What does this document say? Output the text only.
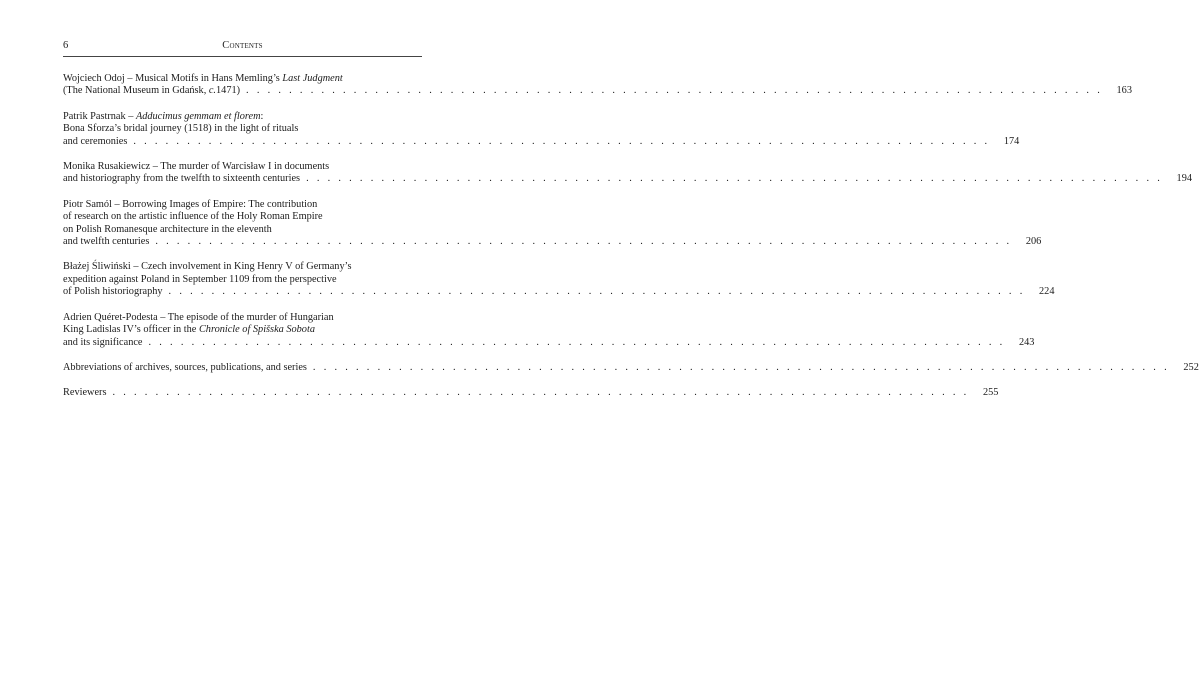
6	Contents
Wojciech Odoj – Musical Motifs in Hans Memling’s Last Judgment
(The National Museum in Gdańsk, c.1471) ................................................................................ 163
Patrik Pastrnak – Adducimus gemmam et florem:
Bona Sforza’s bridal journey (1518) in the light of rituals
and ceremonies ................................................................................ 174
Monika Rusakiewicz – The murder of Warcisław I in documents
and historiography from the twelfth to sixteenth centuries ................................................................................ 194
Piotr Samól – Borrowing Images of Empire: The contribution
of research on the artistic influence of the Holy Roman Empire
on Polish Romanesque architecture in the eleventh
and twelfth centuries ................................................................................ 206
Błażej Śliwiński – Czech involvement in King Henry V of Germany’s
expedition against Poland in September 1109 from the perspective
of Polish historiography ................................................................................ 224
Adrien Quéret-Podesta – The episode of the murder of Hungarian
King Ladislas IV’s officer in the Chronicle of Spišska Sobota
and its significance ................................................................................ 243
Abbreviations of archives, sources, publications, and series ................................................................................ 252
Reviewers ................................................................................ 255
